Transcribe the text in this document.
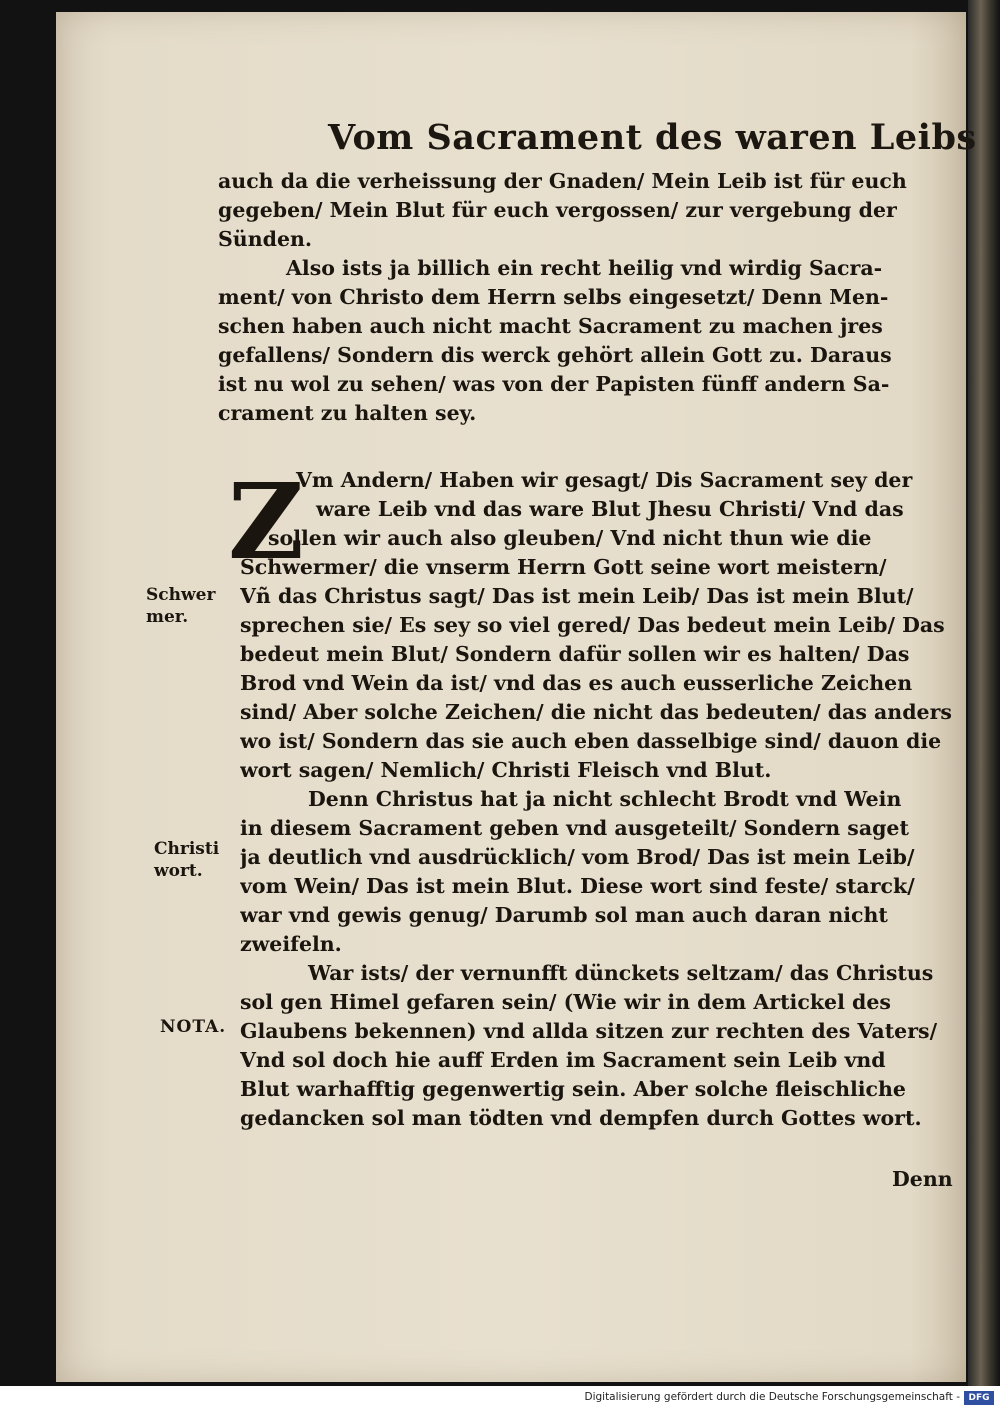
Vom Sacrament des waren Leibs
auch da die verheissung der Gnaden/ Mein Leib ist für euch
gegeben/ Mein Blut für euch vergossen/ zur vergebung der
Sünden.
Also ists ja billich ein recht heilig vnd wirdig Sacra-
ment/ von Christo dem Herrn selbs eingesetzt/ Denn Men-
schen haben auch nicht macht Sacrament zu machen jres
gefallens/ Sondern dis werck gehört allein Gott zu. Daraus
ist nu wol zu sehen/ was von der Papisten fünff andern Sa-
crament zu halten sey.
Z
Vm Andern/ Haben wir gesagt/ Dis Sacrament sey der
ware Leib vnd das ware Blut Jhesu Christi/ Vnd das
sollen wir auch also gleuben/ Vnd nicht thun wie die
Schwermer/ die vnserm Herrn Gott seine wort meistern/
Vñ das Christus sagt/ Das ist mein Leib/ Das ist mein Blut/
sprechen sie/ Es sey so viel gered/ Das bedeut mein Leib/ Das
bedeut mein Blut/ Sondern dafür sollen wir es halten/ Das
Brod vnd Wein da ist/ vnd das es auch eusserliche Zeichen
sind/ Aber solche Zeichen/ die nicht das bedeuten/ das anders
wo ist/ Sondern das sie auch eben dasselbige sind/ dauon die
wort sagen/ Nemlich/ Christi Fleisch vnd Blut.
Denn Christus hat ja nicht schlecht Brodt vnd Wein
in diesem Sacrament geben vnd ausgeteilt/ Sondern saget
ja deutlich vnd ausdrücklich/ vom Brod/ Das ist mein Leib/
vom Wein/ Das ist mein Blut. Diese wort sind feste/ starck/
war vnd gewis genug/ Darumb sol man auch daran nicht
zweifeln.
War ists/ der vernunfft dünckets seltzam/ das Christus
sol gen Himel gefaren sein/ (Wie wir in dem Artickel des
Glaubens bekennen) vnd allda sitzen zur rechten des Vaters/
Vnd sol doch hie auff Erden im Sacrament sein Leib vnd
Blut warhafftig gegenwertig sein. Aber solche fleischliche
gedancken sol man tödten vnd dempfen durch Gottes wort.
Denn
Schwer
mer.
Christi
wort.
NOTA.
Digitalisierung gefördert durch die Deutsche Forschungsgemeinschaft - DFG
